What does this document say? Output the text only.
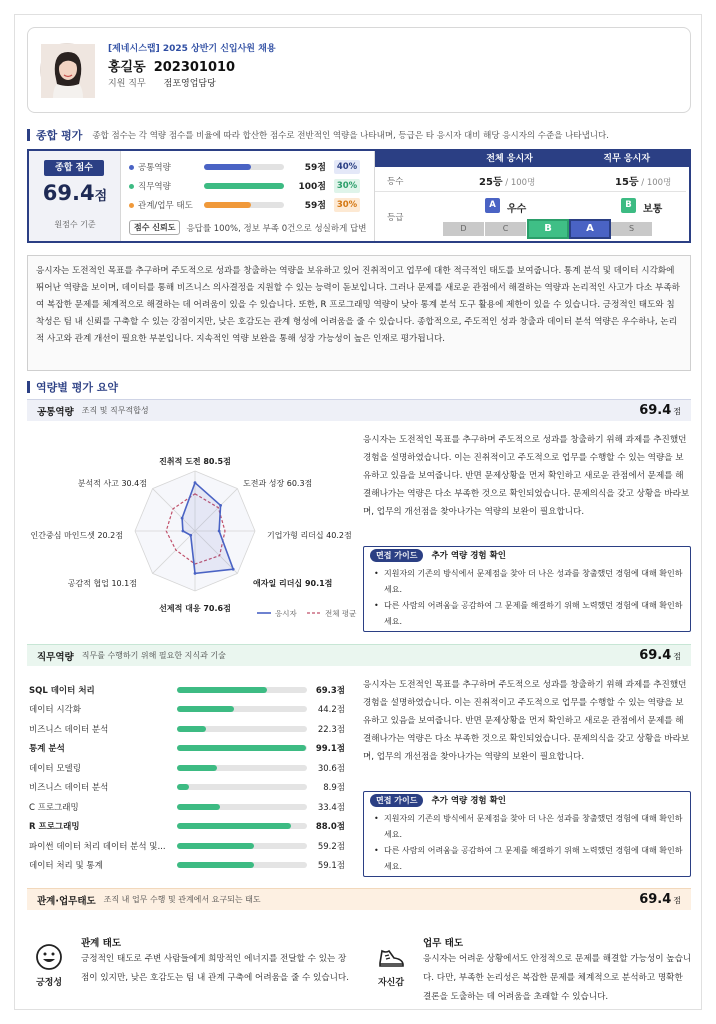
[제네시스랩] 2025 상반기 신입사원 채용
홍길동 202301010
지원 직무 점포영업담당
종합 평가 종합 점수는 각 역량 점수를 비율에 따라 합산한 점수로 전반적인 역량을 나타내며, 등급은 타 응시자 대비 해당 응시자의 수준을 나타냅니다.
종합 점수
69.4점
원점수 기준
공통역량	59점	40%
직무역량	100점	30%
관계/업무 태도	59점	30%
점수 신뢰도	응답률 100%, 정보 부족 0건으로 성실하게 답변
전체 응시자	직무 응시자
등수	25등 / 100명	15등 / 100명
등급
A	우수	B	보통
D	C	B	A	S
응시자는 도전적인 목표를 추구하며 주도적으로 성과를 창출하는 역량을 보유하고 있어 진취적이고 업무에 대한 적극적인 태도를 보여줍니다. 통계 분석 및 데이터 시각화에 뛰어난 역량을 보이며, 데이터를 통해 비즈니스 의사결정을 지원할 수 있는 능력이 돋보입니다. 그러나 문제를 새로운 관점에서 해결하는 역량과 논리적인 사고가 다소 부족하여 복잡한 문제를 체계적으로 해결하는 데 어려움이 있을 수 있습니다. 또한, R 프로그래밍 역량이 낮아 통계 분석 도구 활용에 제한이 있을 수 있습니다. 긍정적인 태도와 침착성은 팀 내 신뢰를 구축할 수 있는 강점이지만, 낮은 호감도는 관계 형성에 어려움을 줄 수 있습니다. 종합적으로, 주도적인 성과 창출과 데이터 분석 역량은 우수하나, 논리적 사고와 관계 개선이 필요한 부분입니다. 지속적인 역량 보완을 통해 성장 가능성이 높은 인재로 평가됩니다.
역량별 평가 요약
공통역량 조직 및 직무적합성	69.4 점
진취적 도전 80.5점
도전과 성장 60.3점
기업가형 리더십 40.2점
애자일 리더십 90.1점
선제적 대응 70.6점
공감적 협업 10.1점
인간중심 마인드셋 20.2점
분석적 사고 30.4점
응시자	전체 평균
응시자는 도전적인 목표를 추구하며 주도적으로 성과를 창출하기 위해 과제를 추진했던 경험을 설명하였습니다. 이는 진취적이고 주도적으로 업무를 수행할 수 있는 역량을 보유하고 있음을 보여줍니다. 반면 문제상황을 먼저 확인하고 새로운 관점에서 문제를 해결해나가는 역량은 다소 부족한 것으로 확인되었습니다. 문제의식을 갖고 상황을 바라보며, 업무의 개선점을 찾아나가는 역량의 보완이 필요합니다.
면접 가이드	추가 역량 경험 확인
• 지원자의 기존의 방식에서 문제점을 찾아 더 나은 성과를 창출했던 경험에 대해 확인하세요.
• 다른 사람의 어려움을 공감하여 그 문제를 해결하기 위해 노력했던 경험에 대해 확인하세요.
직무역량 직무를 수행하기 위해 필요한 지식과 기술	69.4 점
SQL 데이터 처리	69.3점
데이터 시각화	44.2점
비즈니스 데이터 분석	22.3점
통계 분석	99.1점
데이터 모델링	30.6점
비즈니스 데이터 분석	8.9점
C 프로그래밍	33.4점
R 프로그래밍	88.0점
파이썬 데이터 처리 데이터 분석 및...	59.2점
데이터 처리 및 통계	59.1점
응시자는 도전적인 목표를 추구하며 주도적으로 성과를 창출하기 위해 과제를 추진했던 경험을 설명하였습니다. 이는 진취적이고 주도적으로 업무를 수행할 수 있는 역량을 보유하고 있음을 보여줍니다. 반면 문제상황을 먼저 확인하고 새로운 관점에서 문제를 해결해나가는 역량은 다소 부족한 것으로 확인되었습니다. 문제의식을 갖고 상황을 바라보며, 업무의 개선점을 찾아나가는 역량의 보완이 필요합니다.
면접 가이드	추가 역량 경험 확인
• 지원자의 기존의 방식에서 문제점을 찾아 더 나은 성과를 창출했던 경험에 대해 확인하세요.
• 다른 사람의 어려움을 공감하여 그 문제를 해결하기 위해 노력했던 경험에 대해 확인하세요.
관계·업무태도 조직 내 업무 수행 및 관계에서 요구되는 태도	69.4 점
긍정성
관계 태도
긍정적인 태도로 주변 사람들에게 희망적인 에너지를 전달할 수 있는 장점이 있지만, 낮은 호감도는 팀 내 관계 구축에 어려움을 줄 수 있습니다.	자신감
업무 태도
응시자는 어려운 상황에서도 안정적으로 문제를 해결할 가능성이 높습니다. 다만, 부족한 논리성은 복잡한 문제를 체계적으로 분석하고 명확한 결론을 도출하는 데 어려움을 초래할 수 있습니다.
